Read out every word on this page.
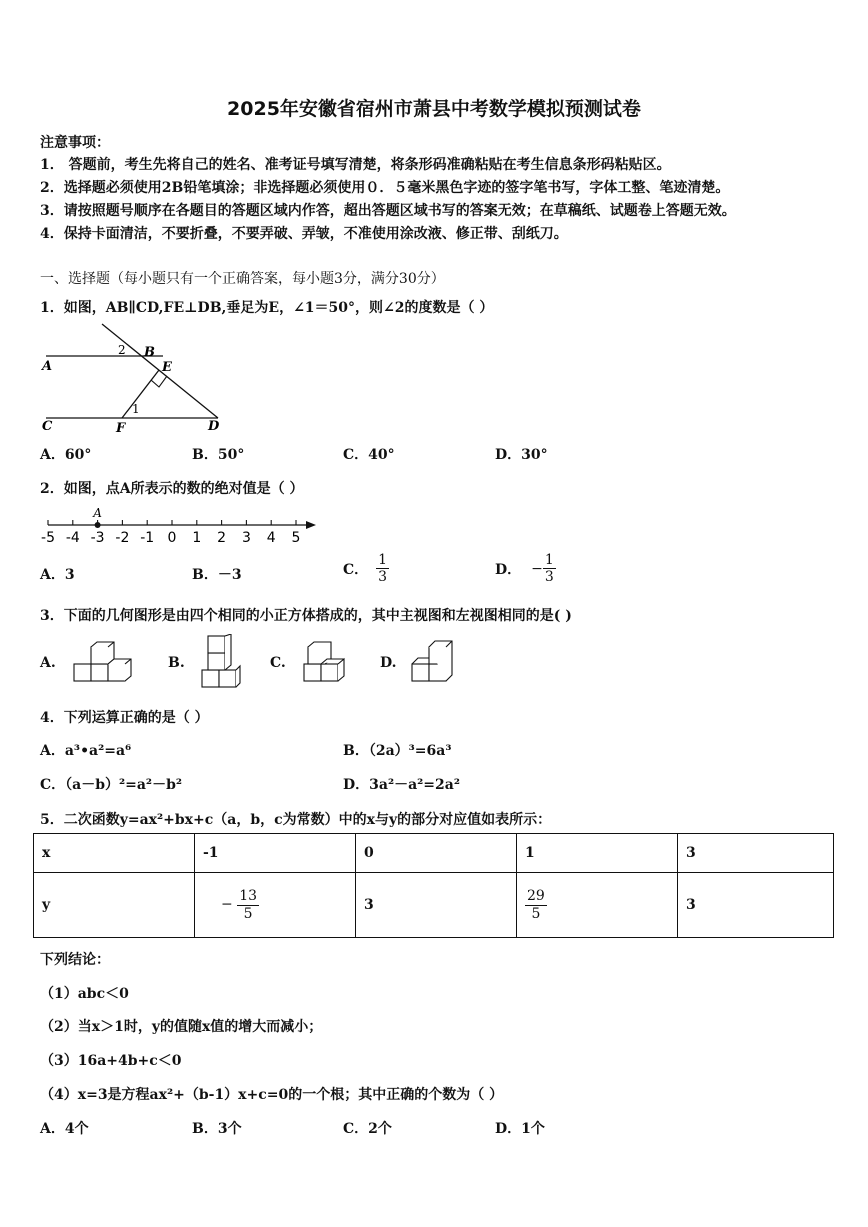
2025年安徽省宿州市萧县中考数学模拟预测试卷
注意事项：
1． 答题前，考生先将自己的姓名、准考证号填写清楚，将条形码准确粘贴在考生信息条形码粘贴区。
2．选择题必须使用2B铅笔填涂；非选择题必须使用０．５毫米黑色字迹的签字笔书写，字体工整、笔迹清楚。
3．请按照题号顺序在各题目的答题区域内作答，超出答题区域书写的答案无效；在草稿纸、试题卷上答题无效。
4．保持卡面清洁，不要折叠，不要弄破、弄皱，不准使用涂改液、修正带、刮纸刀。
一、选择题（每小题只有一个正确答案，每小题3分，满分30分）
1．如图，AB∥CD,FE⊥DB,垂足为E，∠1＝50°，则∠2的度数是（ ）
A
B
C	D
E
F
1
2
A．60°	B．50°	C．40°	D．30°
2．如图，点A所表示的数的绝对值是（ ）
-5 -4 -3 -2 -1 0 1 2 3 4 5
A
A．3	B．－3	C． $\frac{1}{3}$	D． − $\frac{1}{3}$
3．下面的几何图形是由四个相同的小正方体搭成的，其中主视图和左视图相同的是( )
A.	B.	C.	D.
4．下列运算正确的是（ ）
A．a³•a²=a⁶	B．（2a）³=6a³
C．（a－b）²=a²－b²	D．3a²－a²=2a²
5．二次函数y=ax²+bx+c（a，b，c为常数）中的x与y的部分对应值如表所示：
x	-1	0	1	3
y	− $\frac{13}{5}$	3	$\frac{29}{5}$	3
下列结论：
（1）abc＜0
（2）当x＞1时，y的值随x值的增大而减小；
（3）16a+4b+c＜0
（4）x=3是方程ax²+（b-1）x+c=0的一个根；其中正确的个数为（ ）
A．4个	B．3个	C．2个	D．1个
